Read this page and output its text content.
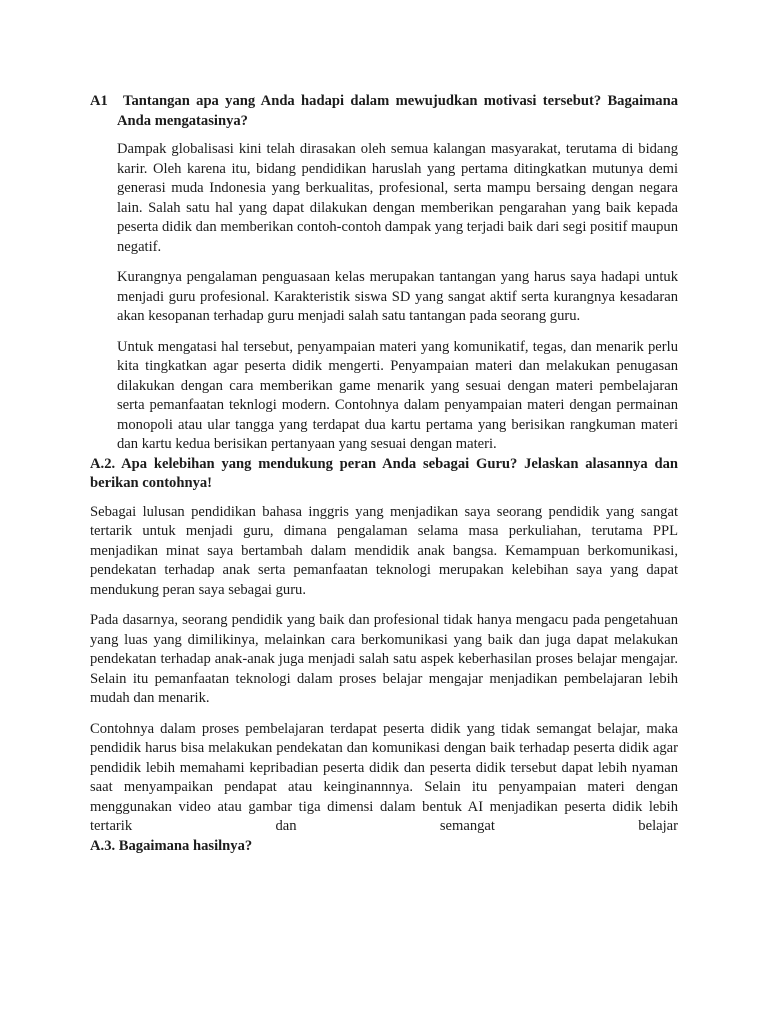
A1 Tantangan apa yang Anda hadapi dalam mewujudkan motivasi tersebut? Bagaimana Anda mengatasinya?

Dampak globalisasi kini telah dirasakan oleh semua kalangan masyarakat, terutama di bidang karir. Oleh karena itu, bidang pendidikan haruslah yang pertama ditingkatkan mutunya demi generasi muda Indonesia yang berkualitas, profesional, serta mampu bersaing dengan negara lain. Salah satu hal yang dapat dilakukan dengan memberikan pengarahan yang baik kepada peserta didik dan memberikan contoh-contoh dampak yang terjadi baik dari segi positif maupun negatif.

Kurangnya pengalaman penguasaan kelas merupakan tantangan yang harus saya hadapi untuk menjadi guru profesional. Karakteristik siswa SD yang sangat aktif serta kurangnya kesadaran akan kesopanan terhadap guru menjadi salah satu tantangan pada seorang guru.

Untuk mengatasi hal tersebut, penyampaian materi yang komunikatif, tegas, dan menarik perlu kita tingkatkan agar peserta didik mengerti. Penyampaian materi dan melakukan penugasan dilakukan dengan cara memberikan game menarik yang sesuai dengan materi pembelajaran serta pemanfaatan teknlogi modern. Contohnya dalam penyampaian materi dengan permainan monopoli atau ular tangga yang terdapat dua kartu pertama yang berisikan rangkuman materi dan kartu kedua berisikan pertanyaan yang sesuai dengan materi.

A.2. Apa kelebihan yang mendukung peran Anda sebagai Guru? Jelaskan alasannya dan berikan contohnya!

Sebagai lulusan pendidikan bahasa inggris yang menjadikan saya seorang pendidik yang sangat tertarik untuk menjadi guru, dimana pengalaman selama masa perkuliahan, terutama PPL menjadikan minat saya bertambah dalam mendidik anak bangsa. Kemampuan berkomunikasi, pendekatan terhadap anak serta pemanfaatan teknologi merupakan kelebihan saya yang dapat mendukung peran saya sebagai guru.

Pada dasarnya, seorang pendidik yang baik dan profesional tidak hanya mengacu pada pengetahuan yang luas yang dimilikinya, melainkan cara berkomunikasi yang baik dan juga dapat melakukan pendekatan terhadap anak-anak juga menjadi salah satu aspek keberhasilan proses belajar mengajar. Selain itu pemanfaatan teknologi dalam proses belajar mengajar menjadikan pembelajaran lebih mudah dan menarik.

Contohnya dalam proses pembelajaran terdapat peserta didik yang tidak semangat belajar, maka pendidik harus bisa melakukan pendekatan dan komunikasi dengan baik terhadap peserta didik agar pendidik lebih memahami kepribadian peserta didik dan peserta didik tersebut dapat lebih nyaman saat menyampaikan pendapat atau keinginannnya. Selain itu penyampaian materi dengan menggunakan video atau gambar tiga dimensi dalam bentuk AI menjadikan peserta didik lebih tertarik dan semangat belajar

A.3. Bagaimana hasilnya?
